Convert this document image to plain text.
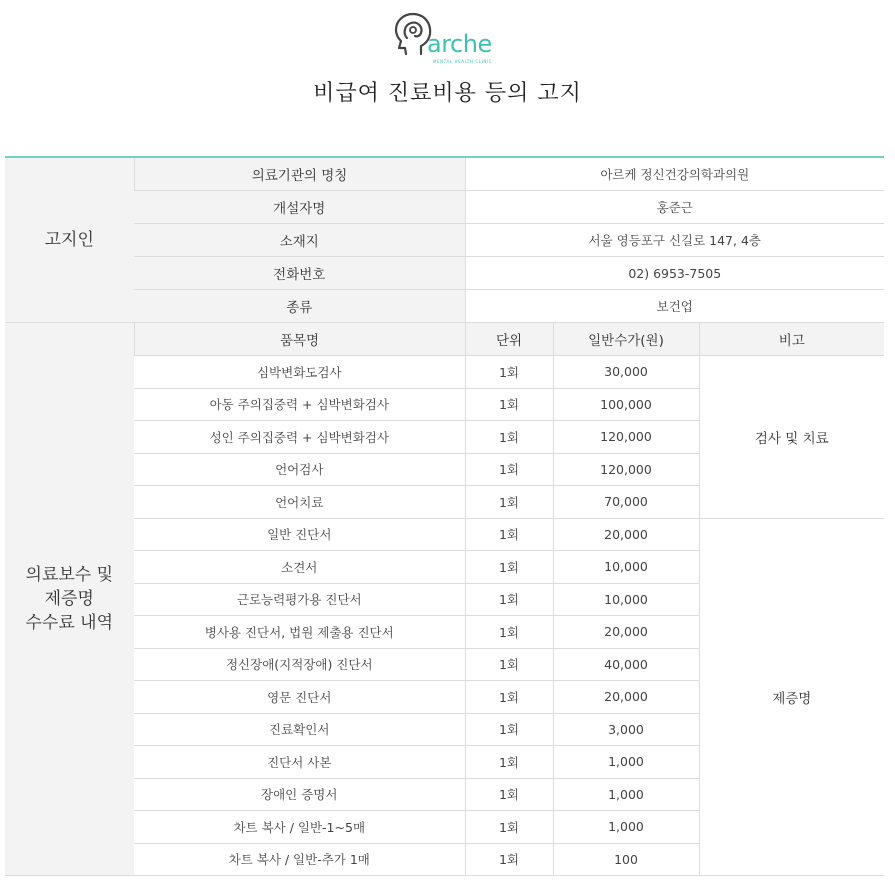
arche
MENTAL HEALTH CLINIC
비급여 진료비용 등의 고지
고지인	의료기관의 명칭	아르케 정신건강의학과의원		
	개설자명	홍준근		
	소재지	서울 영등포구 신길로 147, 4층		
	전화번호	02) 6953-7505		
	종류	보건업		

의료보수 및
제증명
수수료 내역	품목명	단위	일반수가(원)	비고
	심박변화도검사	1회	30,000	검사 및 치료
	아동 주의집중력 + 심박변화검사	1회	100,000	
	성인 주의집중력 + 심박변화검사	1회	120,000	
	언어검사	1회	120,000	
	언어치료	1회	70,000	
	일반 진단서	1회	20,000	제증명
	소견서	1회	10,000	
	근로능력평가용 진단서	1회	10,000	
	병사용 진단서, 법원 제출용 진단서	1회	20,000	
	정신장애(지적장애) 진단서	1회	40,000	
	영문 진단서	1회	20,000	
	진료확인서	1회	3,000	
	진단서 사본	1회	1,000	
	장애인 증명서	1회	1,000	
	차트 복사 / 일반-1~5매	1회	1,000	
	차트 복사 / 일반-추가 1매	1회	100	
